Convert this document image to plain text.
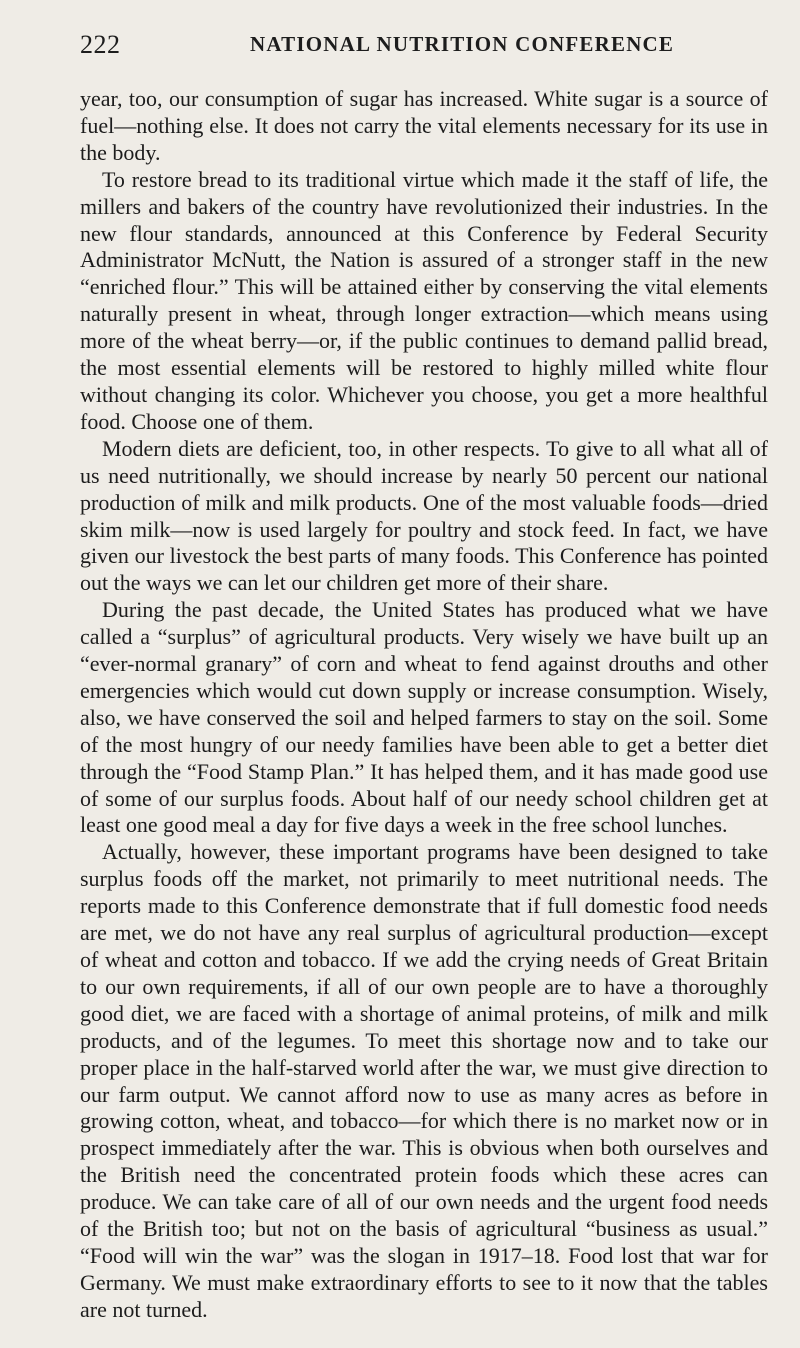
222	NATIONAL NUTRITION CONFERENCE

year, too, our consumption of sugar has increased. White sugar is a source of fuel—nothing else. It does not carry the vital elements necessary for its use in the body.

To restore bread to its traditional virtue which made it the staff of life, the millers and bakers of the country have revolutionized their industries. In the new flour standards, announced at this Conference by Federal Security Administrator McNutt, the Nation is assured of a stronger staff in the new “enriched flour.” This will be attained either by conserving the vital elements naturally present in wheat, through longer extraction—which means using more of the wheat berry—or, if the public continues to demand pallid bread, the most essential elements will be restored to highly milled white flour without changing its color. Whichever you choose, you get a more healthful food. Choose one of them.

Modern diets are deficient, too, in other respects. To give to all what all of us need nutritionally, we should increase by nearly 50 percent our national production of milk and milk products. One of the most valuable foods—dried skim milk—now is used largely for poultry and stock feed. In fact, we have given our livestock the best parts of many foods. This Conference has pointed out the ways we can let our children get more of their share.

During the past decade, the United States has produced what we have called a “surplus” of agricultural products. Very wisely we have built up an “ever-normal granary” of corn and wheat to fend against drouths and other emergencies which would cut down supply or increase consumption. Wisely, also, we have conserved the soil and helped farmers to stay on the soil. Some of the most hungry of our needy families have been able to get a better diet through the “Food Stamp Plan.” It has helped them, and it has made good use of some of our surplus foods. About half of our needy school children get at least one good meal a day for five days a week in the free school lunches.

Actually, however, these important programs have been designed to take surplus foods off the market, not primarily to meet nutritional needs. The reports made to this Conference demonstrate that if full domestic food needs are met, we do not have any real surplus of agricultural production—except of wheat and cotton and tobacco. If we add the crying needs of Great Britain to our own requirements, if all of our own people are to have a thoroughly good diet, we are faced with a shortage of animal proteins, of milk and milk products, and of the legumes. To meet this shortage now and to take our proper place in the half-starved world after the war, we must give direction to our farm output. We cannot afford now to use as many acres as before in growing cotton, wheat, and tobacco—for which there is no market now or in prospect immediately after the war. This is obvious when both ourselves and the British need the concentrated protein foods which these acres can produce. We can take care of all of our own needs and the urgent food needs of the British too; but not on the basis of agricultural “business as usual.” “Food will win the war” was the slogan in 1917–18. Food lost that war for Germany. We must make extraordinary efforts to see to it now that the tables are not turned.
